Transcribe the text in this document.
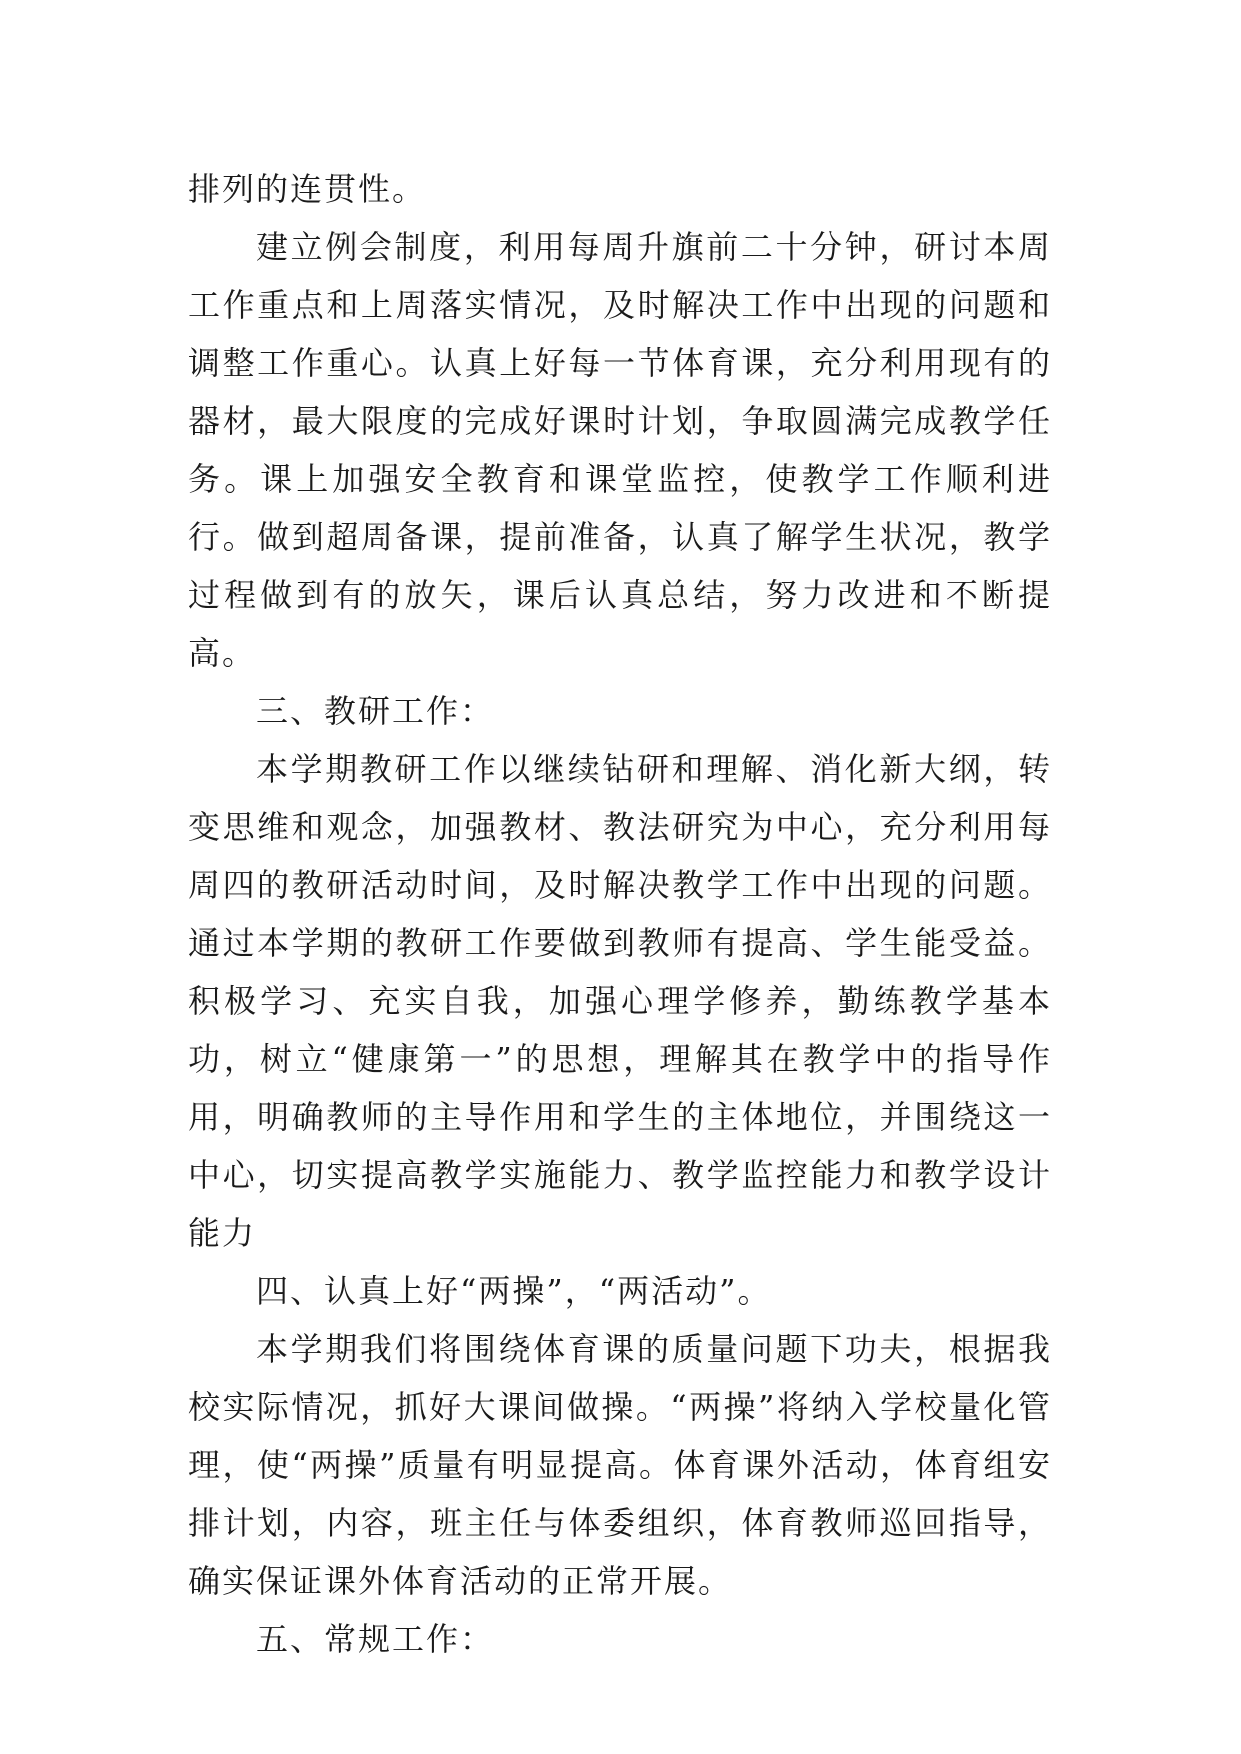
排列的连贯性。

建立例会制度，利用每周升旗前二十分钟，研讨本周工作重点和上周落实情况，及时解决工作中出现的问题和调整工作重心。认真上好每一节体育课，充分利用现有的器材，最大限度的完成好课时计划，争取圆满完成教学任务。课上加强安全教育和课堂监控，使教学工作顺利进行。做到超周备课，提前准备，认真了解学生状况，教学过程做到有的放矢，课后认真总结，努力改进和不断提高。

三、教研工作：

本学期教研工作以继续钻研和理解、消化新大纲，转变思维和观念，加强教材、教法研究为中心，充分利用每周四的教研活动时间，及时解决教学工作中出现的问题。通过本学期的教研工作要做到教师有提高、学生能受益。积极学习、充实自我，加强心理学修养，勤练教学基本功，树立“健康第一”的思想，理解其在教学中的指导作用，明确教师的主导作用和学生的主体地位，并围绕这一中心，切实提高教学实施能力、教学监控能力和教学设计能力

四、认真上好“两操”，“两活动”。

本学期我们将围绕体育课的质量问题下功夫，根据我校实际情况，抓好大课间做操。“两操”将纳入学校量化管理，使“两操”质量有明显提高。体育课外活动，体育组安排计划，内容，班主任与体委组织，体育教师巡回指导，确实保证课外体育活动的正常开展。

五、常规工作：
